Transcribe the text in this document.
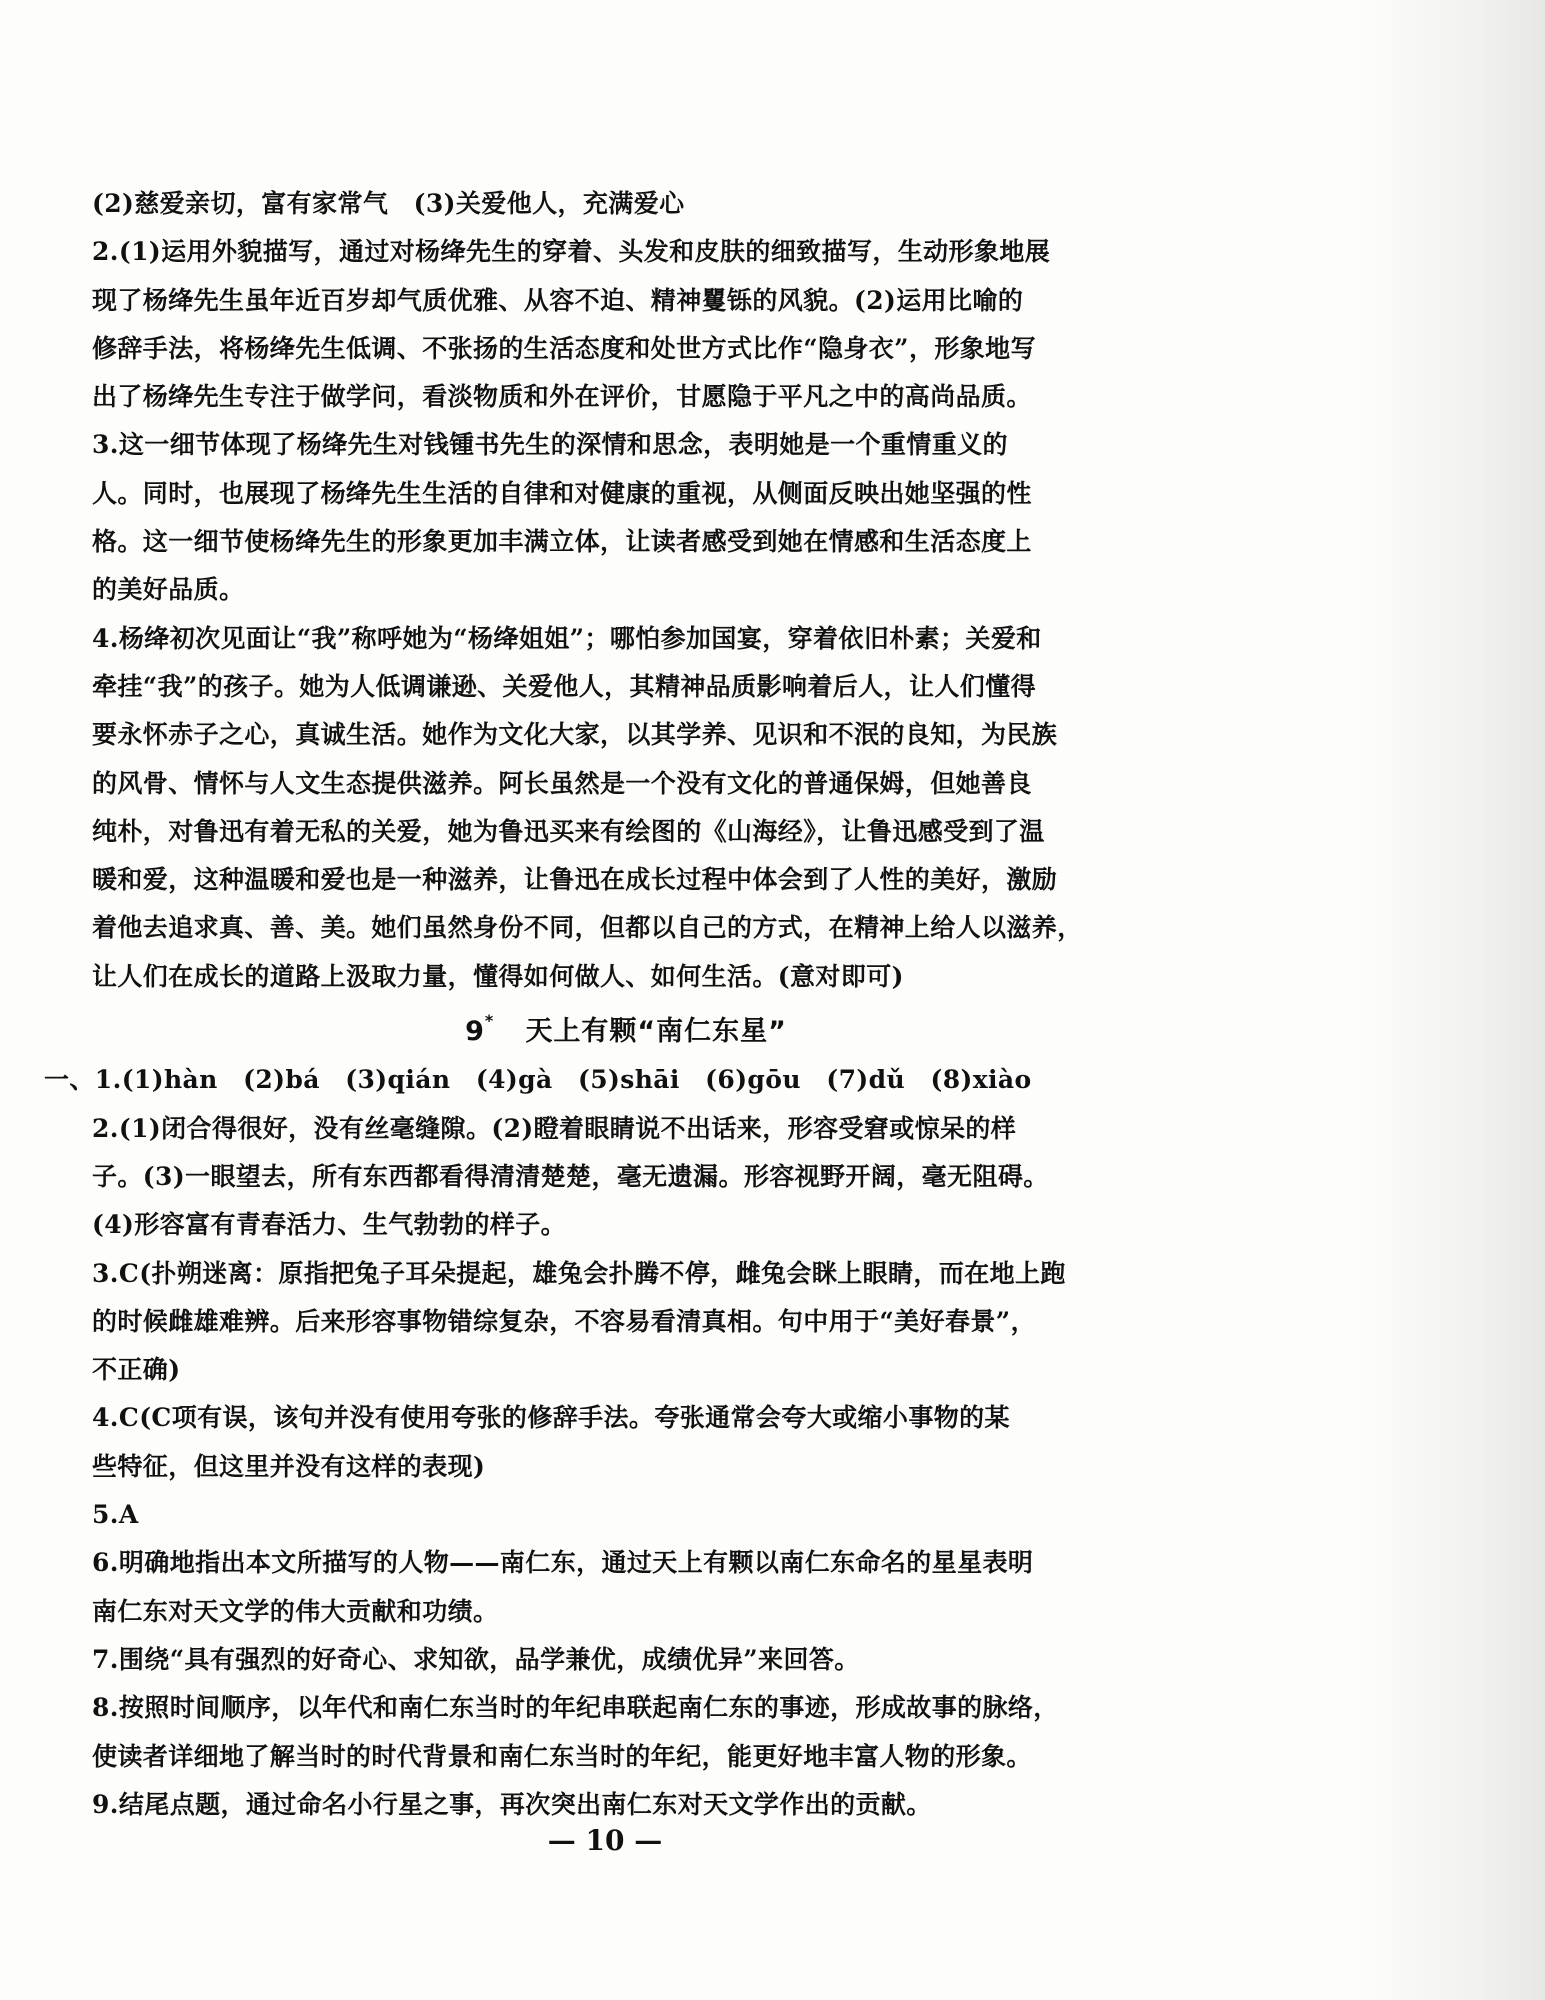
(2)慈爱亲切，富有家常气　(3)关爱他人，充满爱心

2.(1)运用外貌描写，通过对杨绛先生的穿着、头发和皮肤的细致描写，生动形象地展

现了杨绛先生虽年近百岁却气质优雅、从容不迫、精神矍铄的风貌。(2)运用比喻的

修辞手法，将杨绛先生低调、不张扬的生活态度和处世方式比作“隐身衣”，形象地写

出了杨绛先生专注于做学问，看淡物质和外在评价，甘愿隐于平凡之中的高尚品质。

3.这一细节体现了杨绛先生对钱锺书先生的深情和思念，表明她是一个重情重义的

人。同时，也展现了杨绛先生生活的自律和对健康的重视，从侧面反映出她坚强的性

格。这一细节使杨绛先生的形象更加丰满立体，让读者感受到她在情感和生活态度上

的美好品质。

4.杨绛初次见面让“我”称呼她为“杨绛姐姐”；哪怕参加国宴，穿着依旧朴素；关爱和

牵挂“我”的孩子。她为人低调谦逊、关爱他人，其精神品质影响着后人，让人们懂得

要永怀赤子之心，真诚生活。她作为文化大家，以其学养、见识和不泯的良知，为民族

的风骨、情怀与人文生态提供滋养。阿长虽然是一个没有文化的普通保姆，但她善良

纯朴，对鲁迅有着无私的关爱，她为鲁迅买来有绘图的《山海经》，让鲁迅感受到了温

暖和爱，这种温暖和爱也是一种滋养，让鲁迅在成长过程中体会到了人性的美好，激励

着他去追求真、善、美。她们虽然身份不同，但都以自己的方式，在精神上给人以滋养，

让人们在成长的道路上汲取力量，懂得如何做人、如何生活。(意对即可)

9* 天上有颗“南仁东星”

一、1.(1)hàn　(2)bá　(3)qián　(4)gà　(5)shāi　(6)gōu　(7)dǔ　(8)xiào

2.(1)闭合得很好，没有丝毫缝隙。(2)瞪着眼睛说不出话来，形容受窘或惊呆的样

子。(3)一眼望去，所有东西都看得清清楚楚，毫无遗漏。形容视野开阔，毫无阻碍。

(4)形容富有青春活力、生气勃勃的样子。

3.C(扑朔迷离：原指把兔子耳朵提起，雄兔会扑腾不停，雌兔会眯上眼睛，而在地上跑

的时候雌雄难辨。后来形容事物错综复杂，不容易看清真相。句中用于“美好春景”，

不正确)

4.C(C项有误，该句并没有使用夸张的修辞手法。夸张通常会夸大或缩小事物的某

些特征，但这里并没有这样的表现)

5.A

6.明确地指出本文所描写的人物——南仁东，通过天上有颗以南仁东命名的星星表明

南仁东对天文学的伟大贡献和功绩。

7.围绕“具有强烈的好奇心、求知欲，品学兼优，成绩优异”来回答。

8.按照时间顺序，以年代和南仁东当时的年纪串联起南仁东的事迹，形成故事的脉络，

使读者详细地了解当时的时代背景和南仁东当时的年纪，能更好地丰富人物的形象。

9.结尾点题，通过命名小行星之事，再次突出南仁东对天文学作出的贡献。

— 10 —
